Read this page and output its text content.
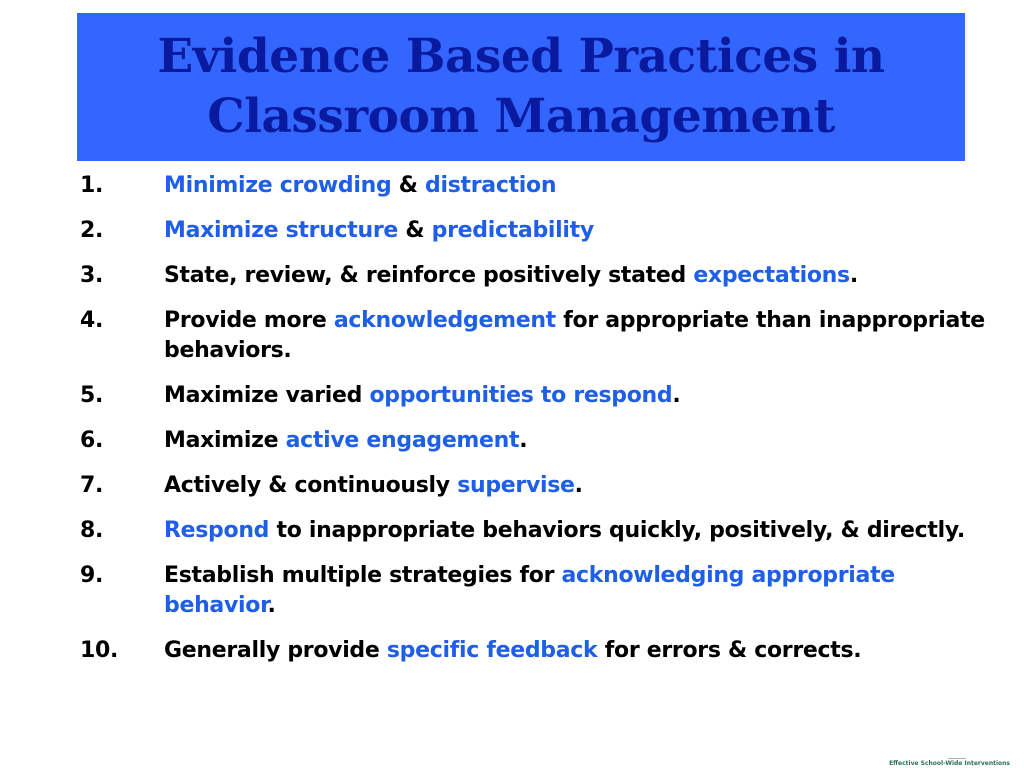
Evidence Based Practices in
Classroom Management
1.	Minimize crowding & distraction
2.	Maximize structure & predictability
3.	State, review, & reinforce positively stated expectations.
4.	Provide more acknowledgement for appropriate than inappropriate behaviors.
5.	Maximize varied opportunities to respond.
6.	Maximize active engagement.
7.	Actively & continuously supervise.
8.	Respond to inappropriate behaviors quickly, positively, & directly.
9.	Establish multiple strategies for acknowledging appropriate behavior.
10. Generally provide specific feedback for errors & corrects.
Effective School-Wide Interventions
